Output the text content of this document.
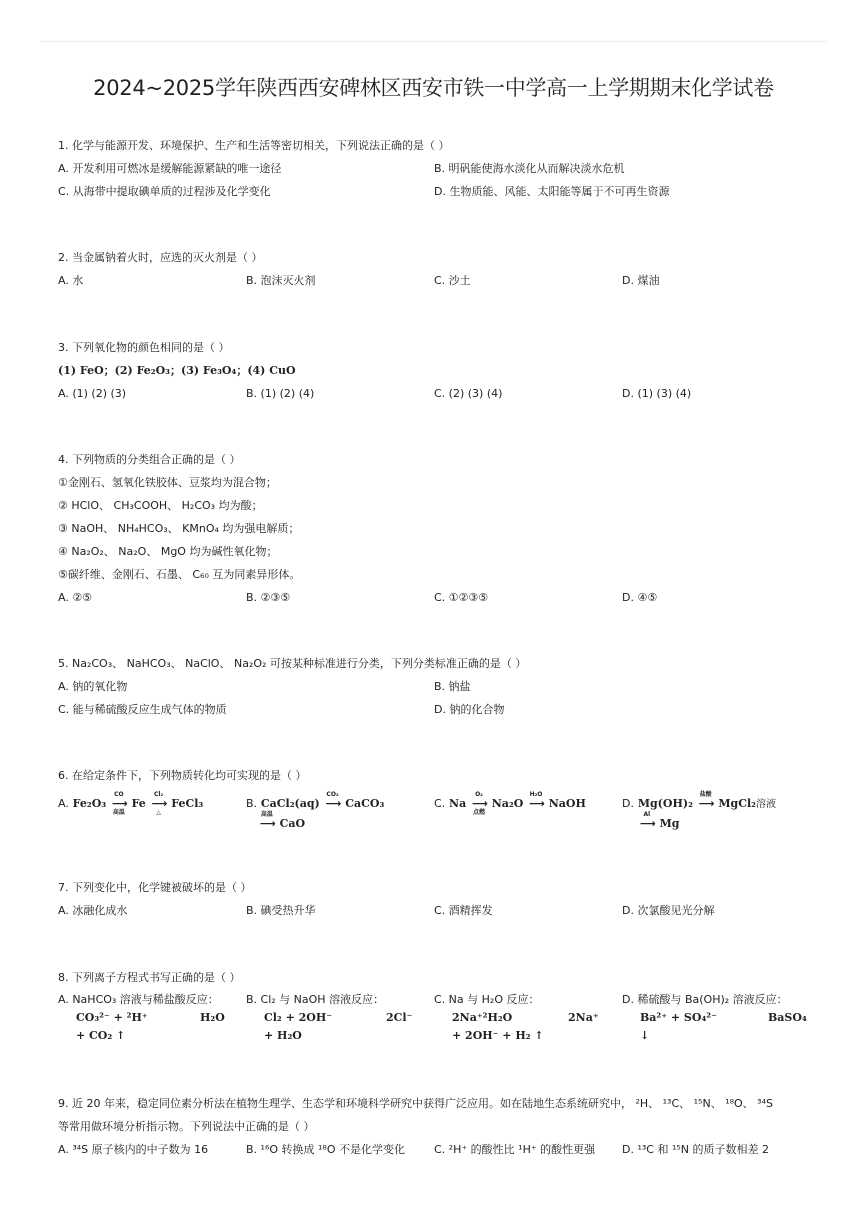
2024~2025学年陕西西安碑林区西安市铁一中学高一上学期期末化学试卷
1. 化学与能源开发、环境保护、生产和生活等密切相关，下列说法正确的是（ ）
A. 开发利用可燃冰是缓解能源紧缺的唯一途径	B. 明矾能使海水淡化从而解决淡水危机
C. 从海带中提取碘单质的过程涉及化学变化	D. 生物质能、风能、太阳能等属于不可再生资源
2. 当金属钠着火时，应选的灭火剂是（ ）
A. 水	B. 泡沫灭火剂	C. 沙土	D. 煤油
3. 下列氧化物的颜色相同的是（ ）
(1) FeO；(2) Fe₂O₃；(3) Fe₃O₄；(4) CuO
A. (1) (2) (3)	B. (1) (2) (4)	C. (2) (3) (4)	D. (1) (3) (4)
4. 下列物质的分类组合正确的是（ ）
①金刚石、氢氧化铁胶体、豆浆均为混合物；
② HClO、 CH₃COOH、 H₂CO₃ 均为酸；
③ NaOH、 NH₄HCO₃、 KMnO₄ 均为强电解质；
④ Na₂O₂、 Na₂O、 MgO 均为碱性氧化物；
⑤碳纤维、金刚石、石墨、 C₆₀ 互为同素异形体。
A. ②⑤	B. ②③⑤	C. ①②③⑤	D. ④⑤
5. Na₂CO₃、 NaHCO₃、 NaClO、 Na₂O₂ 可按某种标准进行分类，下列分类标准正确的是（ ）
A. 钠的氧化物	B. 钠盐
C. 能与稀硫酸反应生成气体的物质	D. 钠的化合物
6. 在给定条件下，下列物质转化均可实现的是（ ）
A. Fe₂O₃
CO
⟶
高温
Fe
Cl₂
⟶
△
FeCl₃	B. CaCl₂(aq)
CO₂
⟶
CaCO₃
高温
⟶
CaO
C. Na
O₂
⟶
点燃
Na₂O
H₂O
⟶
NaOH	D. Mg(OH)₂
盐酸
⟶
MgCl₂溶液
Al
⟶
Mg
7. 下列变化中，化学键被破坏的是（ ）
A. 冰融化成水	B. 碘受热升华	C. 酒精挥发	D. 次氯酸见光分解
8. 下列离子方程式书写正确的是（ ）
A. NaHCO₃ 溶液与稀盐酸反应：
CO₃²⁻ + ²H⁺	H₂O
+ CO₂ ↑
B. Cl₂ 与 NaOH 溶液反应：
Cl₂ + 2OH⁻	2Cl⁻
+ H₂O
C. Na 与 H₂O 反应：
2Na⁺²H₂O	2Na⁺
+ 2OH⁻ + H₂ ↑
D. 稀硫酸与 Ba(OH)₂ 溶液反应：
Ba²⁺ + SO₄²⁻	BaSO₄
↓
9. 近 20 年来，稳定同位素分析法在植物生理学、生态学和环境科学研究中获得广泛应用。如在陆地生态系统研究中， ²H、 ¹³C、 ¹⁵N、 ¹⁸O、 ³⁴S
等常用做环境分析指示物。下列说法中正确的是（ ）
A. ³⁴S 原子核内的中子数为 16	B. ¹⁶O 转换成 ¹⁸O 不是化学变化	C. ²H⁺ 的酸性比 ¹H⁺ 的酸性更强 D. ¹³C 和 ¹⁵N 的质子数相差 2
